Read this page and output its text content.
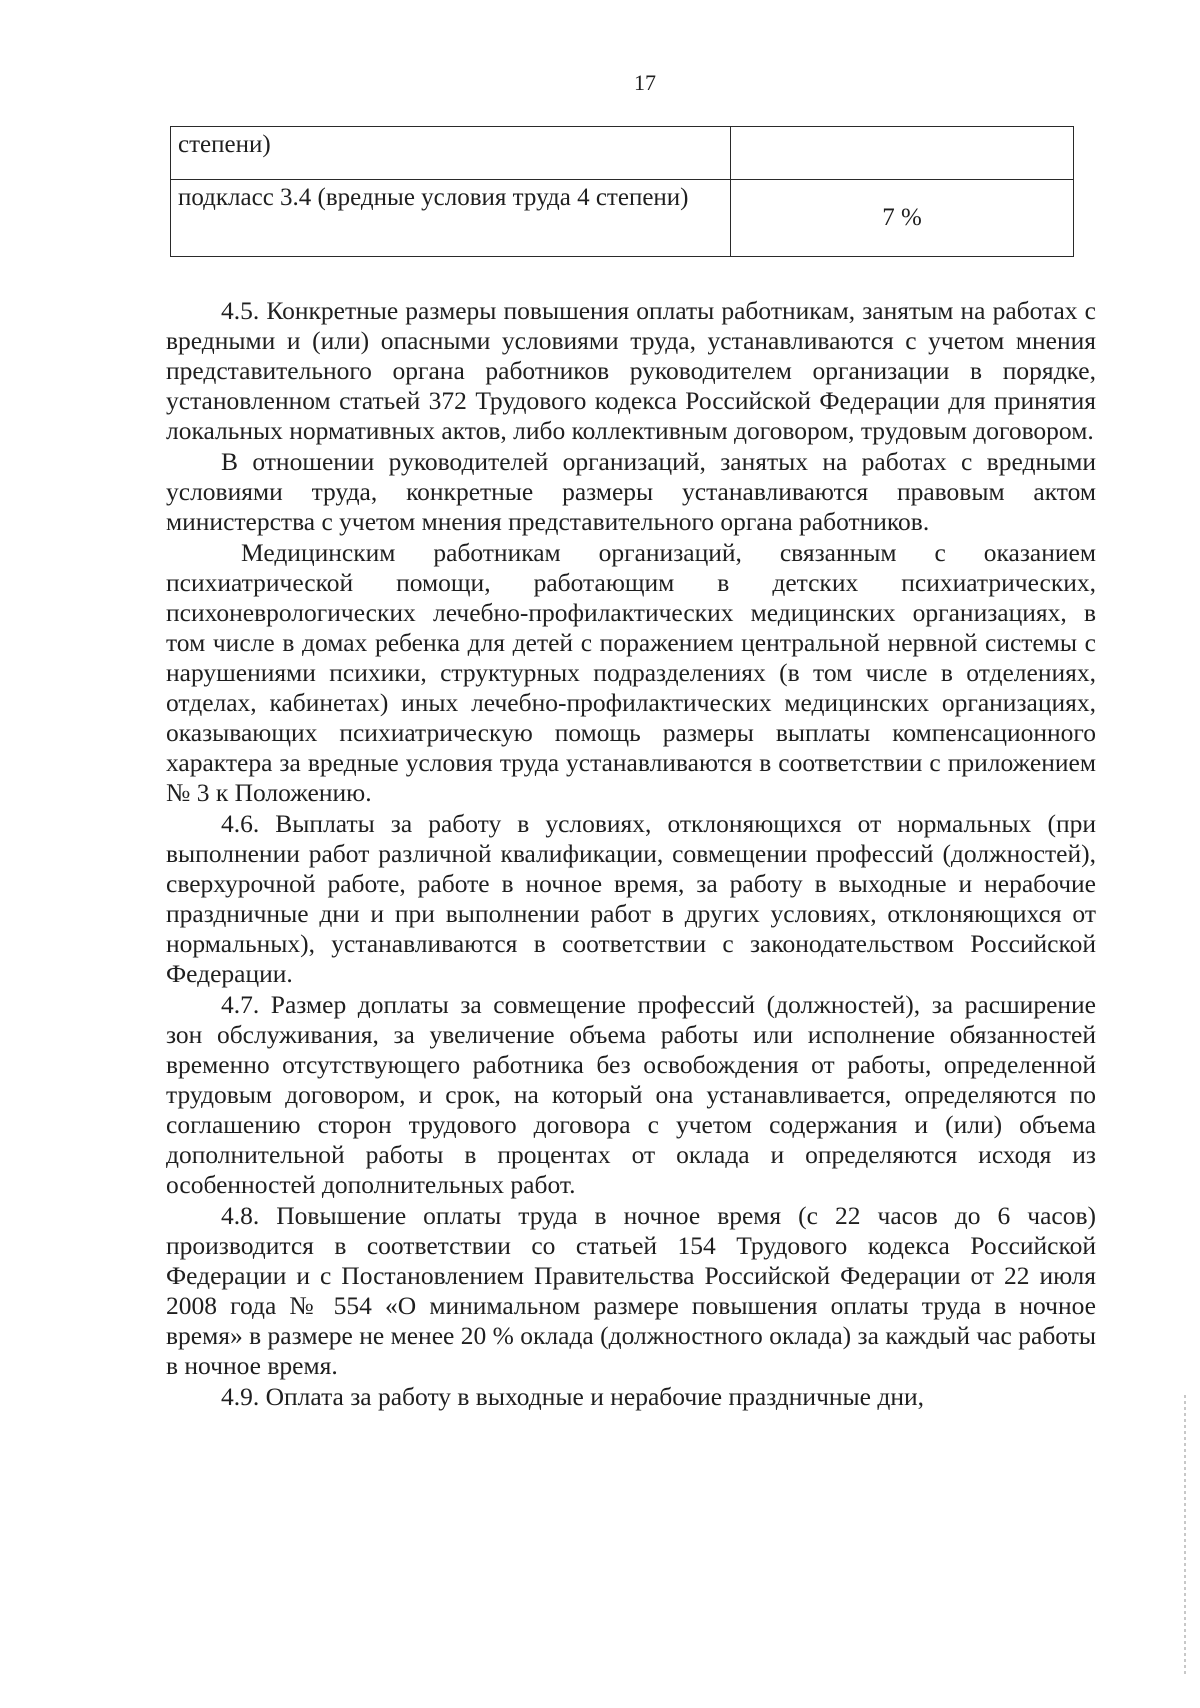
17
степени)	
подкласс 3.4 (вредные условия труда 4 степени)	7 %

4.5. Конкретные размеры повышения оплаты работникам, занятым на работах с вредными и (или) опасными условиями труда, устанавливаются с учетом мнения представительного органа работников руководителем организации в порядке, установленном статьей 372 Трудового кодекса Российской Федерации для принятия локальных нормативных актов, либо коллективным договором, трудовым договором.

В отношении руководителей организаций, занятых на работах с вредными условиями труда, конкретные размеры устанавливаются правовым актом министерства с учетом мнения представительного органа работников.

Медицинским работникам организаций, связанным с оказанием психиатрической помощи, работающим в детских психиатрических, психоневрологических лечебно-профилактических медицинских организациях, в том числе в домах ребенка для детей с поражением центральной нервной системы с нарушениями психики, структурных подразделениях (в том числе в отделениях, отделах, кабинетах) иных лечебно-профилактических медицинских организациях, оказывающих психиатрическую помощь размеры выплаты компенсационного характера за вредные условия труда устанавливаются в соответствии с приложением № 3 к Положению.

4.6. Выплаты за работу в условиях, отклоняющихся от нормальных (при выполнении работ различной квалификации, совмещении профессий (должностей), сверхурочной работе, работе в ночное время, за работу в выходные и нерабочие праздничные дни и при выполнении работ в других условиях, отклоняющихся от нормальных), устанавливаются в соответствии с законодательством Российской Федерации.

4.7. Размер доплаты за совмещение профессий (должностей), за расширение зон обслуживания, за увеличение объема работы или исполнение обязанностей временно отсутствующего работника без освобождения от работы, определенной трудовым договором, и срок, на который она устанавливается, определяются по соглашению сторон трудового договора с учетом содержания и (или) объема дополнительной работы в процентах от оклада и определяются исходя из особенностей дополнительных работ.

4.8. Повышение оплаты труда в ночное время (с 22 часов до 6 часов) производится в соответствии со статьей 154 Трудового кодекса Российской Федерации и с Постановлением Правительства Российской Федерации от 22 июля 2008 года № 554 «О минимальном размере повышения оплаты труда в ночное время» в размере не менее 20 % оклада (должностного оклада) за каждый час работы в ночное время.

4.9. Оплата за работу в выходные и нерабочие праздничные дни,
